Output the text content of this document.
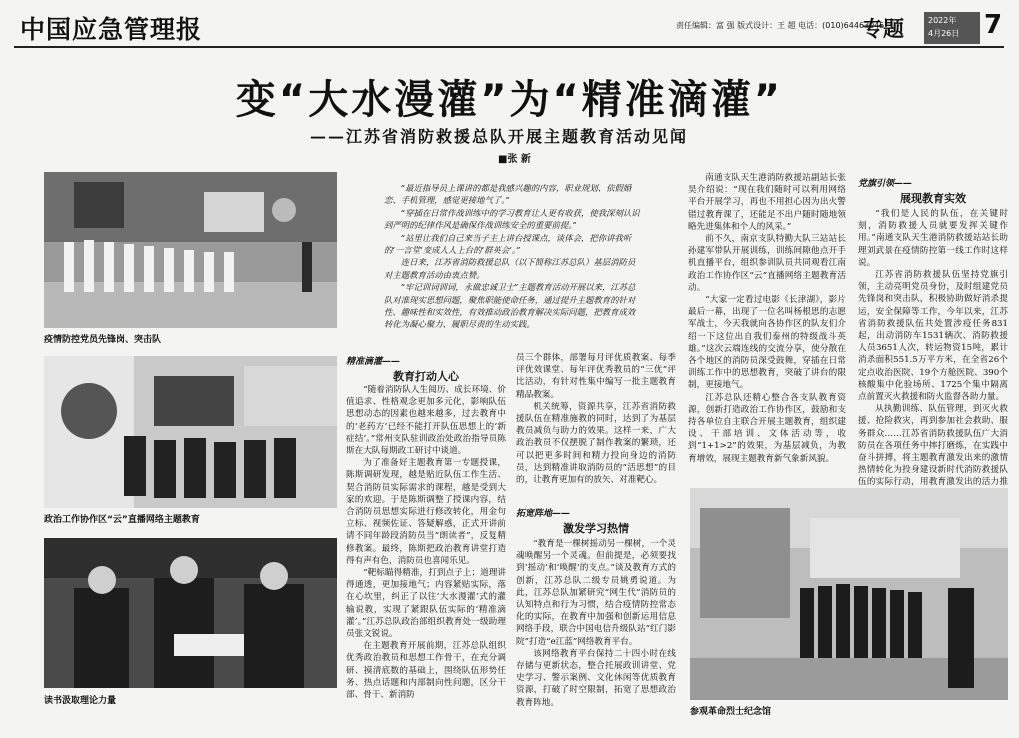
中国应急管理报	责任编辑：富 强 版式设计：王 超 电话：(010)64463045
专题	2022年
4月26日 7
变“大水漫灌”为“精准滴灌”
——江苏省消防救援总队开展主题教育活动见闻
■张 新
疫情防控党员先锋岗、突击队
政治工作协作区“云”直播网络主题教育
读书汲取理论力量

“最近指导员上课讲的都是我感兴趣的内容，职业规划、依假婚恋、手机管理，感觉更接地气了。”

“穿插在日常作战训练中的学习教育让人更有收获，使我深刻认识到严明的纪律作风是确保作战训练安全的重要前提。”

“站里让我们自己来当子主上讲台授课点，谈体会，把你讲我听的‘一言堂’变成人人上台的‘群英会’。”

连日来，江苏省消防救援总队（以下简称江苏总队）基层消防员对主题教育活动由衷点赞。

“牢记训词训词，永做忠诚卫士”主题教育活动开展以来，江苏总队对准现实思想问题，聚焦职能使命任务，通过提升主题教育的针对性、趣味性和实效性，有效推动政治教育解决实际问题，把教育成效转化为凝心聚力、履职尽责的生动实践。

精准滴灌——
教育打动人心

“随着消防队人生阅历、成长环境、价值追求、性格观念更加多元化，影响队伍思想动态的因素也越来越多，过去教育中的‘老药方’已经不能打开队伍思想上的‘新症结’。”常州支队驻训政治处政治指导员陈斯在大队每期政工研讨中谈道。

为了准备好主题教育第一专题授课，陈斯调研发现，越是贴近队伍工作生活、契合消防员实际需求的课程，越是受到大家的欢迎。于是陈斯调整了授课内容，结合消防员思想实际进行修改转化，用金句立标、视频佐证、答疑解惑，正式开讲前请不同年龄段消防员当“朗读者”，反复精修教案。最终，陈斯把政治教育讲堂打造得有声有色，消防员也喜闻乐见。

“靶标瞄得精准，打到点子上；道理讲得通透，更加接地气；内容紧贴实际，落在心坎里，纠正了以往‘大水漫灌’式的灌输说教，实现了紧跟队伍实际的‘精准滴灌’。”江苏总队政治部组织教育处一级助理员张文锐说。

在主题教育开展前期，江苏总队组织优秀政治教员和思想工作骨干，在充分调研、摸清底数的基础上，围绕队伍形势任务、热点话题和内部制向性问题，区分干部、骨干、新消防

员三个群体，部署每月评优质教案、每季评优效课堂、每年评优秀教员的“三优”评比活动，有针对性集中编写一批主题教育精品教案。

机关统筹，资源共享，江苏省消防救援队伍在精准施教的同时，达到了为基层教员减负与助力的效果。这样一来，广大政治教员不仅摆脱了制作教案的繁琐，还可以把更多时间和精力投向身边的消防员，达到精准讲取消防员的“活思想”的目的，让教育更加有的放矢、对准靶心。

拓宽阵地——
激发学习热情

“教育是一棵树摇动另一棵树，一个灵魂唤醒另一个灵魂。但前提是，必须要找到‘摇动’和‘唤醒’的支点。”谈及教育方式的创新，江苏总队二级专员姚勇说道。为此，江苏总队加紧研究“网生代”消防员的认知特点和行为习惯，结合疫情防控常态化的实际，在教育中加强和创新运用信息网络手段，联合中国电信升级队站“红门影院”打造“e江蓝”网络教育平台。

该网络教育平台保持二十四小时在线存储与更新状态，整合托展政训讲堂、党史学习、警示案例、文化休闲等优质教育资源，打破了时空限制，拓宽了思想政治教育阵地。

南通支队天生港消防救援站副站长张昊介绍说：“现在我们随时可以利用网络平台开展学习，再也不用担心因为出火警错过教育课了，还能足不出户随时随地领略先进集体和个人的风采。”

前不久，南京支队特勤大队三站站长孙建军带队开展训练，训练间隙他点开手机直播平台，组织参训队员共同观看江南政治工作协作区“云”直播网络主题教育活动。

“大家一定看过电影《长津湖》，影片最后一幕，出现了一位名叫杨根思的志愿军战士，今天我就向各协作区的队友们介绍一下这位出自我们泰州的特级战斗英雄。”这次云端连线的交流分享，使分散在各个地区的消防员深受鼓舞，穿插在日常训练工作中的思想教育，突破了讲台的限制，更接地气。

江苏总队还精心整合各支队教育资源，创新打造政治工作协作区，鼓励和支持各单位自主联合开展主题教育，组织建设、干部培训、文体活动等，收到“1+1>2”的效果，为基层减负，为教育增效，展现主题教育新气象新风貌。

党旗引领——
展现教育实效

“我们是人民的队伍，在关键时刻，消防救援人员就要发挥关键作用。”南通支队天生港消防救援站站长助理刘武景在疫情防控第一线工作时这样说。

江苏省消防救援队伍坚持党旗引领，主动亮明党员身份，及时组建党员先锋岗和突击队，积极协助做好消杀提运，安全保障等工作，今年以来，江苏省消防救援队伍共处置涉疫任务831起，出动消防车1531辆次、消防救援人员3651人次，转运物资15吨，累计消杀面积551.5万平方米，在全省26个定点收治医院、19个方舱医院、390个核酸集中化验场所、1725个集中隔离点前置灭火救援和防火监督各助力量。

从执勤训练、队伍管理，到灭火救援、抢险救灾，再到参加社会救助、服务群众……江苏省消防救援队伍广大消防员在各项任务中摔打磨炼，在实践中奋斗拼搏，将主题教育激发出来的激情热情转化为投身建设新时代消防救援队伍的实际行动，用教育激发出的活力推

参观革命烈士纪念馆
